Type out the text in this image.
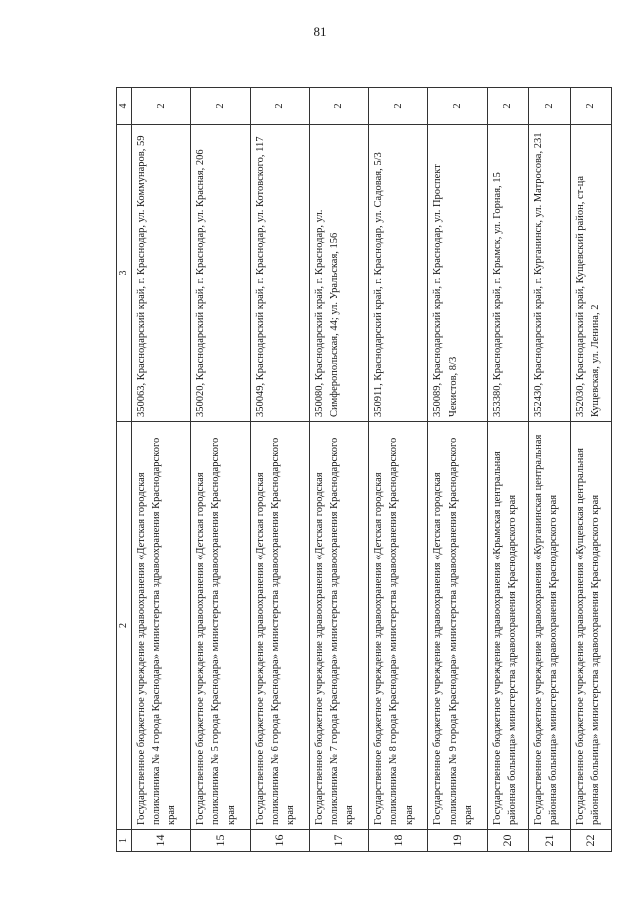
81
1	2	3	4
14	Государственное бюджетное учреждение здравоохранения «Детская городская поликлиника № 4 города Краснодара» министерства здравоохранения Краснодарского края	350063, Краснодарский край, г. Краснодар, ул. Коммунаров, 59	2
15	Государственное бюджетное учреждение здравоохранения «Детская городская поликлиника № 5 города Краснодара» министерства здравоохранения Краснодарского края	350020, Краснодарский край, г. Краснодар, ул. Красная, 206	2
16	Государственное бюджетное учреждение здравоохранения «Детская городская поликлиника № 6 города Краснодара» министерства здравоохранения Краснодарского края	350049, Краснодарский край, г. Краснодар, ул. Котовского, 117	2
17	Государственное бюджетное учреждение здравоохранения «Детская городская поликлиника № 7 города Краснодара» министерства здравоохранения Краснодарского края	350080, Краснодарский край, г. Краснодар, ул. Симферопольская, 44; ул. Уральская, 156	2
18	Государственное бюджетное учреждение здравоохранения «Детская городская поликлиника № 8 города Краснодара» министерства здравоохранения Краснодарского края	350911, Краснодарский край, г. Краснодар, ул. Садовая, 5/3	2
19	Государственное бюджетное учреждение здравоохранения «Детская городская поликлиника № 9 города Краснодара» министерства здравоохранения Краснодарского края	350089, Краснодарский край, г. Краснодар, ул. Проспект Чекистов, 8/3	2
20	Государственное бюджетное учреждение здравоохранения «Крымская центральная районная больница» министерства здравоохранения Краснодарского края	353380, Краснодарский край, г. Крымск, ул. Горная, 15	2
21	Государственное бюджетное учреждение здравоохранения «Курганинская центральная районная больница» министерства здравоохранения Краснодарского края	352430, Краснодарский край, г. Курганинск, ул. Матросова, 231	2
22	Государственное бюджетное учреждение здравоохранения «Кущевская центральная районная больница» министерства здравоохранения Краснодарского края	352030, Краснодарский край, Кущевский район, ст-ца Кущевская, ул. Ленина, 2	2
